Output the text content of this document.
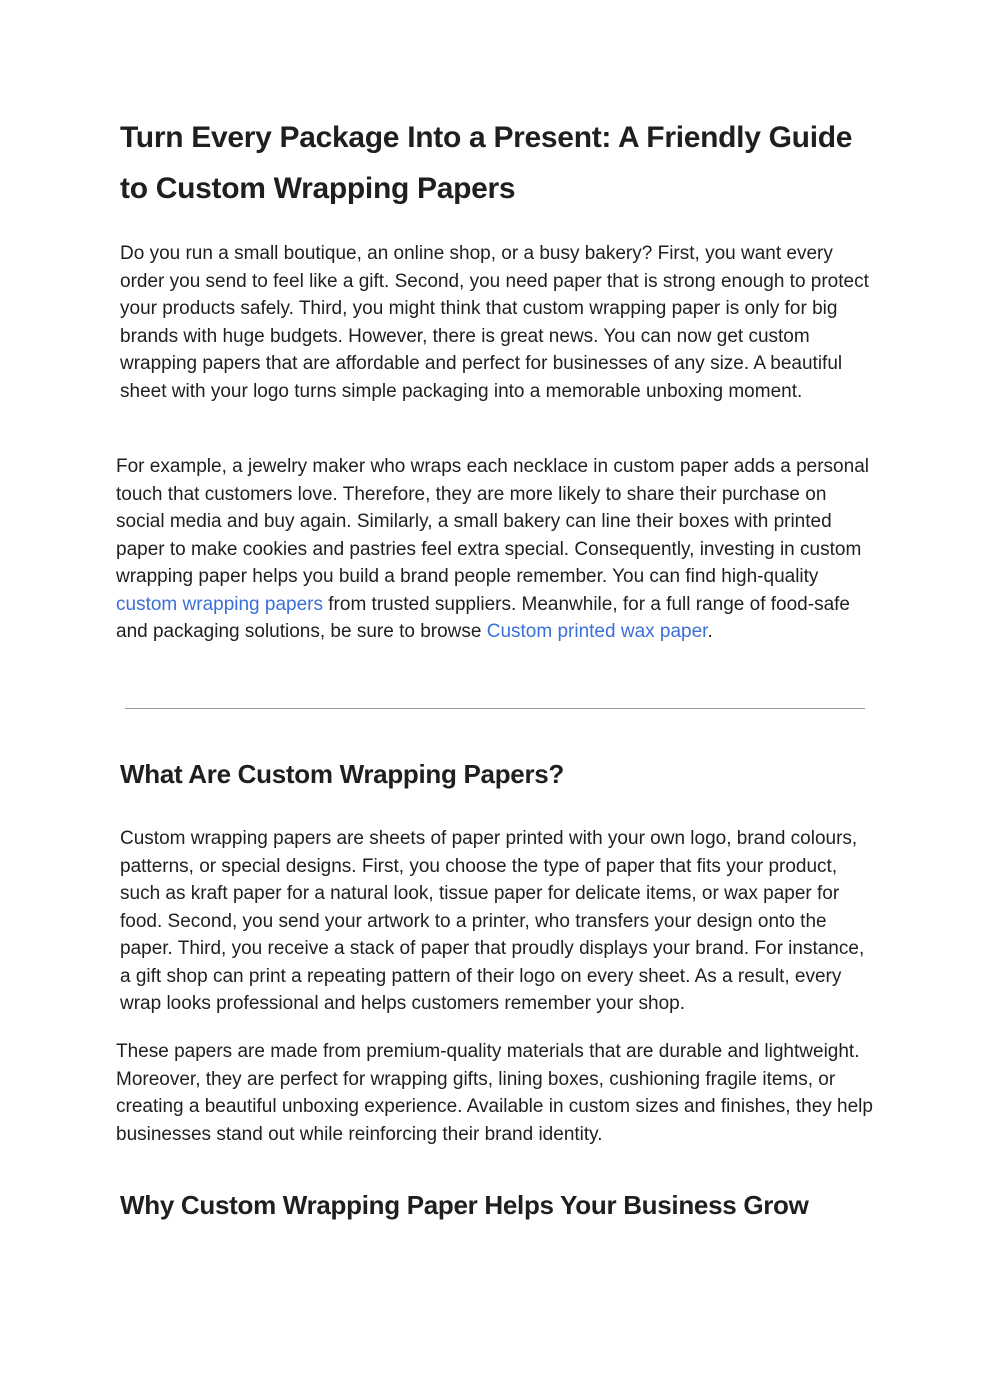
Turn Every Package Into a Present: A Friendly Guide to Custom Wrapping Papers

Do you run a small boutique, an online shop, or a busy bakery? First, you want every order you send to feel like a gift. Second, you need paper that is strong enough to protect your products safely. Third, you might think that custom wrapping paper is only for big brands with huge budgets. However, there is great news. You can now get custom wrapping papers that are affordable and perfect for businesses of any size. A beautiful sheet with your logo turns simple packaging into a memorable unboxing moment.

For example, a jewelry maker who wraps each necklace in custom paper adds a personal touch that customers love. Therefore, they are more likely to share their purchase on social media and buy again. Similarly, a small bakery can line their boxes with printed paper to make cookies and pastries feel extra special. Consequently, investing in custom wrapping paper helps you build a brand people remember. You can find high-quality custom wrapping papers from trusted suppliers. Meanwhile, for a full range of food-safe and packaging solutions, be sure to browse Custom printed wax paper.

What Are Custom Wrapping Papers?

Custom wrapping papers are sheets of paper printed with your own logo, brand colours, patterns, or special designs. First, you choose the type of paper that fits your product, such as kraft paper for a natural look, tissue paper for delicate items, or wax paper for food. Second, you send your artwork to a printer, who transfers your design onto the paper. Third, you receive a stack of paper that proudly displays your brand. For instance, a gift shop can print a repeating pattern of their logo on every sheet. As a result, every wrap looks professional and helps customers remember your shop.

These papers are made from premium-quality materials that are durable and lightweight. Moreover, they are perfect for wrapping gifts, lining boxes, cushioning fragile items, or creating a beautiful unboxing experience. Available in custom sizes and finishes, they help businesses stand out while reinforcing their brand identity.

Why Custom Wrapping Paper Helps Your Business Grow
